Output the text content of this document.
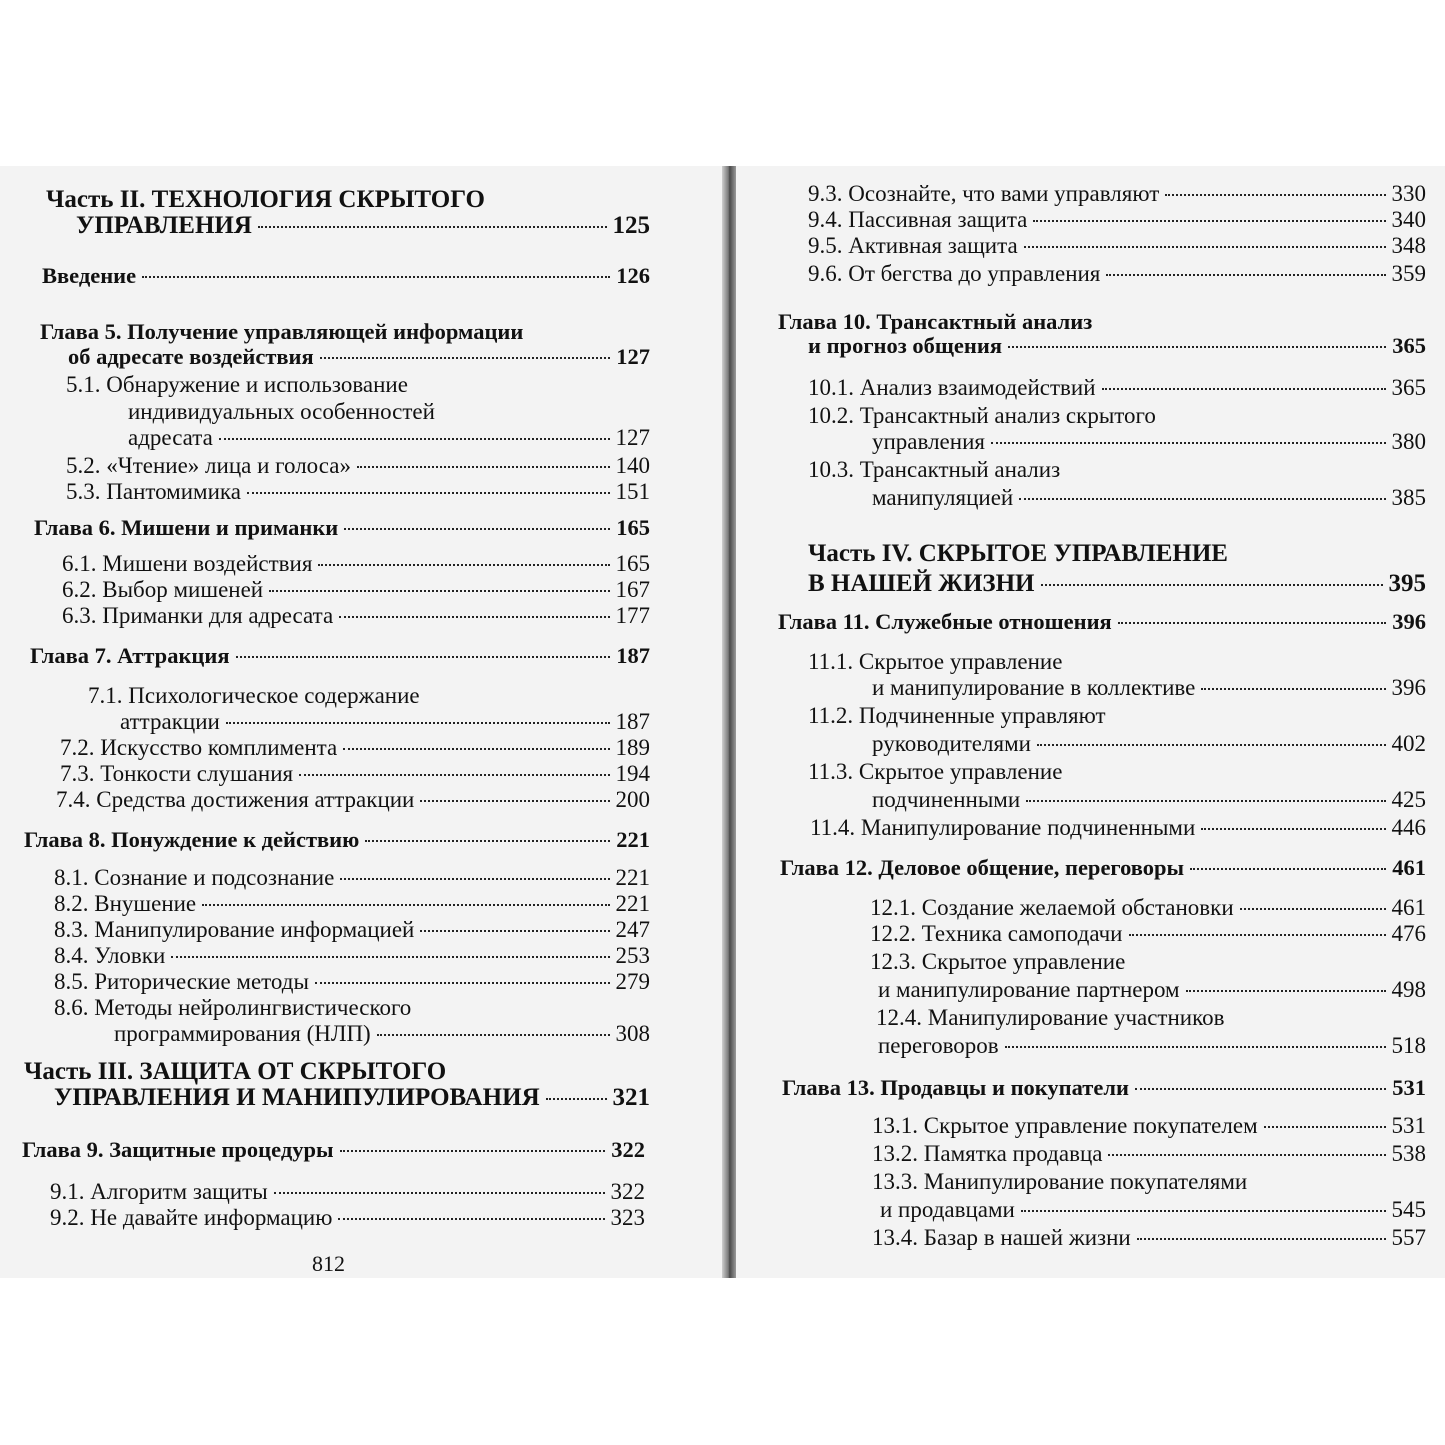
Часть II. ТЕХНОЛОГИЯ СКРЫТОГО
УПРАВЛЕНИЯ	125
Введение	126
Глава 5. Получение управляющей информации
об адресате воздействия	127
5.1. Обнаружение и использование
индивидуальных особенностей
адресата	127
5.2. «Чтение» лица и голоса»	140
5.3. Пантомимика	151
Глава 6. Мишени и приманки	165
6.1. Мишени воздействия	165
6.2. Выбор мишеней	167
6.3. Приманки для адресата	177
Глава 7. Аттракция	187
7.1. Психологическое содержание
аттракции	187
7.2. Искусство комплимента	189
7.3. Тонкости слушания	194
7.4. Средства достижения аттракции	200
Глава 8. Понуждение к действию	221
8.1. Сознание и подсознание	221
8.2. Внушение	221
8.3. Манипулирование информацией	247
8.4. Уловки	253
8.5. Риторические методы	279
8.6. Методы нейролингвистического
программирования (НЛП)	308
Часть III. ЗАЩИТА ОТ СКРЫТОГО
УПРАВЛЕНИЯ И МАНИПУЛИРОВАНИЯ	321
Глава 9. Защитные процедуры	322
9.1. Алгоритм защиты	322
9.2. Не давайте информацию	323
812
9.3. Осознайте, что вами управляют	330
9.4. Пассивная защита	340
9.5. Активная защита	348
9.6. От бегства до управления	359
Глава 10. Трансактный анализ
и прогноз общения	365
10.1. Анализ взаимодействий	365
10.2. Трансактный анализ скрытого
управления	380
10.3. Трансактный анализ
манипуляцией	385
Часть IV. СКРЫТОЕ УПРАВЛЕНИЕ
В НАШЕЙ ЖИЗНИ	395
Глава 11. Служебные отношения	396
11.1. Скрытое управление
и манипулирование в коллективе	396
11.2. Подчиненные управляют
руководителями	402
11.3. Скрытое управление
подчиненными	425
11.4. Манипулирование подчиненными	446
Глава 12. Деловое общение, переговоры	461
12.1. Создание желаемой обстановки	461
12.2. Техника самоподачи	476
12.3. Скрытое управление
и манипулирование партнером	498
12.4. Манипулирование участников
переговоров	518
Глава 13. Продавцы и покупатели	531
13.1. Скрытое управление покупателем	531
13.2. Памятка продавца	538
13.3. Манипулирование покупателями
и продавцами	545
13.4. Базар в нашей жизни	557
